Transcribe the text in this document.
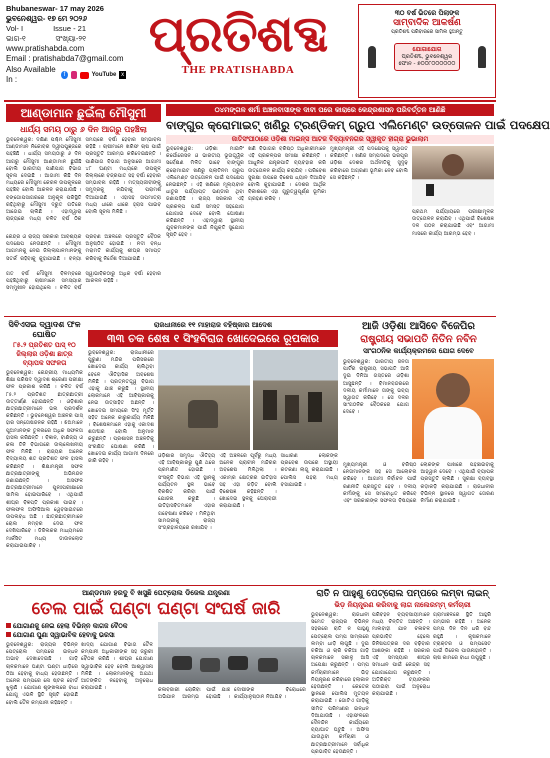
Bhubaneswar- 17 may 2026
ଭୁବନେଶ୍ୱର- ୧୭ ମେ ୨୦୨୬
Vol- I	Issue - 21
ଭାଗ-୧	ସଂଖ୍ୟା-୨୧
www.pratishabda.com
Email : pratishabda7@gmail.com
Also Available In :	f	YouTube x
ପ୍ରତିଶବ୍ଦ
THE PRATISHABDA
୩୦ ବର୍ଷ ଭିତରେ ପିଲାଙ୍କ
ସାମ୍ବାଦିକ ଆକର୍ଷଣ
ପ୍ରତିଶବ୍ଦ ପରିବାରରେ ସାମିଲ ହୁଅନ୍ତୁ
ଯୋଗାଯୋଗ
ପ୍ରତିଶବ୍ଦ, ଭୁବନେଶ୍ୱର
ଫୋନ - ୭୦୦୮୦୦୦୦୦୦
ଆଣ୍ଡାମାନ ଛୁଇଁଲା ମୌସୁମୀ
ଧାର୍ଯ୍ୟ ସମୟ ଠାରୁ ୬ ଦିନ ଆଗରୁ ପହଞ୍ଚିଲା
ଭୁବନେଶ୍ୱର: ଦକ୍ଷିଣ ପଶ୍ଚିମ ମୌସୁମୀ ଆଣ୍ଡାମାନ ନିକୋବର ଦ୍ୱୀପପୁଞ୍ଜରେ ପହଞ୍ଚିଛି । ଧାର୍ଯ୍ୟ ସମୟଠାରୁ ୬ ଦିନ ଆଗରୁ ମୌସୁମୀ ଆଣ୍ଡାମାନ ଛୁଇଁଛି ବୋଲି ଭାରତୀୟ ପାଣିପାଗ ବିଭାଗ ସୂଚନା ଦେଇଛି । ଆଗାମୀ କିଛି ଦିନ ମଧ୍ୟରେ ମୌସୁମୀ କେରଳ ଉପକୂଳରେ ପହଞ୍ଚିବ ବୋଲି ଆକଳନ କରାଯାଉଛି । ବଙ୍ଗୋପସାଗରରେ ଅନୁକୂଳ ପରିସ୍ଥିତି ରହିଥିବାରୁ ମୌସୁମୀ ଦ୍ରୁତ ଗତିରେ ଆଗେଇ ଚାଲିଛି । ଏହାଦ୍ୱାରା ରାଜ୍ୟରେ ମଧ୍ୟ ଚଳିତ ବର୍ଷ ଠିକ ସମୟରେ ବର୍ଷା ହେବାର ସମ୍ଭାବନା ରହିଛି । ଚାଷୀମାନେ ଖରିଫ ଚାଷ ପାଇଁ ପ୍ରସ୍ତୁତି ଆରମ୍ଭ କରିଦେଇଛନ୍ତି । ପାଣିପାଗ ବିଭାଗ ଅନୁସାରେ ଆଗାମୀ ୪୮ ଘଣ୍ଟା ମଧ୍ୟରେ ଉପକୂଳ ଜିଲ୍ଲାରେ ବଜ୍ରପାତ ସହ ବର୍ଷା ହେବାର ସମ୍ଭାବନା ରହିଛି । ମତ୍ସ୍ୟଜୀବୀଙ୍କୁ ସମୁଦ୍ରକୁ ନଯିବାକୁ ପରାମର୍ଶ ଦିଆଯାଇଛି । ଏହାସହ ତାପମାତ୍ରା ମଧ୍ୟ ଧୀରେ ଧୀରେ ହ୍ରାସ ପାଇବ ବୋଲି ସୂଚନା ମିଳିଛି ।
କେନ୍ଦ୍ର ଓ ରାଜ୍ୟ ସରକାର ଆବଶ୍ୟକ ପଦକ୍ଷେପ ନେଉଛନ୍ତି । ମୌସୁମୀ ଆଗମନକୁ ନେଇ ଜିଲ୍ଲାପାଳମାନଙ୍କୁ ସତର୍କ ରହିବାକୁ କୁହାଯାଇଛି । ବନ୍ୟା ପ୍ରବଣ ଅଞ୍ଚଳରେ ପ୍ରସ୍ତୁତି ବୈଠକ ଅନୁଷ୍ଠିତ ହୋଇଛି । ନଦୀ ବନ୍ଧ ମରାମତି କାର୍ଯ୍ୟକୁ ଶୀଘ୍ର ସମାପ୍ତ କରିବାକୁ ନିର୍ଦ୍ଦେଶ ଦିଆଯାଇଛି ।
ଗତ ବର୍ଷ ମୌସୁମୀ ବିଳମ୍ବରେ ପହଞ୍ଚିଥିବାରୁ ଚାଷୀମାନେ ସମସ୍ୟାର ସମ୍ମୁଖୀନ ହୋଇଥିଲେ । ଚଳିତ ବର୍ଷ ସ୍ୱାଭାବିକଠାରୁ ଅଧିକ ବର୍ଷା ହେବାର ଆକଳନ ରହିଛି ।
୦୪ମଙ୍ଗଳ ଶର୍ମା ଅଞ୍ଚଳବାସୀଙ୍କ ଦାବୀ ପରେ କାରାରେ କେନ୍ଦ୍ରଶାସନ ପରିବର୍ତ୍ତନ ଆଣିଛି
ବାଙ୍ଗୁର କ୍ରୋମାଇଟ୍ ଖଣିରୁ ଟ୍ରଣ୍ଡିକମ୍ ଗ୍ରୁପ ଏଲିମେଣ୍ଟ ଉତ୍ତୋଳନ ପାଇଁ ପଦକ୍ଷେପ
ଜାତିସଂଘୀଠାରେ ଓଡ଼ିଶା ମାଇନ୍ସ ଆଟଜ ବିଦ୍ୟାବନଗର ସ୍ୱୀକୃତ ହୀଗ୍ରା ଭୁଭାଲାମ
ଭୁବନେଶ୍ୱର: ଓଡ଼ିଶା ମାଇନିଂ କର୍ପୋରେସନ ଓ ଭାରତୀୟ ଭୂତାତ୍ତ୍ୱିକ ସର୍ବେକ୍ଷଣ ମିଳିତ ଭାବେ ବାଙ୍ଗୁର କ୍ରୋମାଇଟ ଖଣିରୁ ପ୍ଲାଟିନମ ଗ୍ରୁପ ଏଲିମେଣ୍ଟ ଉତ୍ତୋଳନ ପାଇଁ ପଦକ୍ଷେପ ନେଇଛନ୍ତି । ଏହି ଖଣିରେ ମୂଲ୍ୟବାନ ଧାତୁର ପର୍ଯ୍ୟାପ୍ତ ଭଣ୍ଡାର ଥିବା ଜଣାପଡ଼ିଛି । ରାଜ୍ୟ ସରକାର ଏହି ପ୍ରକଳ୍ପ ପାଇଁ ସମସ୍ତ ସହଯୋଗ ଯୋଗାଇ ଦେବେ ବୋଲି ଘୋଷଣା କରିଛନ୍ତି । ଏହାଦ୍ୱାରା ସ୍ଥାନୀୟ ଯୁବକମାନଙ୍କ ପାଇଁ ନିଯୁକ୍ତି ସୁଯୋଗ ସୃଷ୍ଟି ହେବ ।
ଖଣି ବିଭାଗର ବରିଷ୍ଠ ଅଧିକାରୀମାନେ ଏହି ପ୍ରକଳ୍ପର ସମୀକ୍ଷା କରିଛନ୍ତି । ଆଧୁନିକ ଯନ୍ତ୍ରପାତି ବ୍ୟବହାର କରି ଉତ୍ତୋଳନ କାର୍ଯ୍ୟ କରାଯିବ । ପରିବେଶ ସୁରକ୍ଷା ଉପରେ ବିଶେଷ ଧ୍ୟାନ ଦିଆଯିବ ବୋଲି କୁହାଯାଇଛି । ଦେଶର ଆର୍ଥିକ ବିକାଶରେ ଏହା ଗୁରୁତ୍ୱପୂର୍ଣ୍ଣ ଭୂମିକା ଗ୍ରହଣ କରିବ ।
ମୁଖ୍ୟମନ୍ତ୍ରୀ ଏହି ପଦକ୍ଷେପକୁ ସ୍ୱାଗତ କରିଛନ୍ତି । ଖଣିଜ ସମ୍ପଦରେ ଭରପୂର ଓଡ଼ିଶା ଦେଶର ଅର୍ଥନୀତିକୁ ସୁଦୃଢ଼ କରିବାରେ ଅଗ୍ରଣୀ ଭୂମିକା ନେବ ବୋଲି ସେ କହିଛନ୍ତି ।
ପ୍ରଥମ ପର୍ଯ୍ୟାୟରେ ପରୀକ୍ଷାମୂଳକ ଉତ୍ତୋଳନ କରାଯିବ । ଏଥିପାଇଁ ବିଶେଷଜ୍ଞ ଦଳ ଗଠନ କରାଯାଇଛି ଏବଂ ଆଗାମୀ ମାସରେ କାର୍ଯ୍ୟ ଆରମ୍ଭ ହେବ ।
ସିବିଏସଇ ଦ୍ୱାଦଶ ଫଳ ଘୋଷିତ
୮୫.୨ ପ୍ରତିଶତ ପାସ୍ ୧୦ ଜିଲ୍ଲାର ଓଡ଼ିଶା ଛାତ୍ର ବ୍ୟାପକ ସଫଳତା
ଭୁବନେଶ୍ୱର: କେନ୍ଦ୍ରୀୟ ମାଧ୍ୟମିକ ଶିକ୍ଷା ପରିଷଦ ଦ୍ୱାଦଶ ଶ୍ରେଣୀ ପରୀକ୍ଷା ଫଳ ପ୍ରକାଶ କରିଛି । ଚଳିତ ବର୍ଷ ୮୫.୨ ପ୍ରତିଶତ ଛାତ୍ରଛାତ୍ରୀ ଉତ୍ତୀର୍ଣ୍ଣ ହୋଇଛନ୍ତି । ଓଡ଼ିଶାର ଛାତ୍ରଛାତ୍ରୀମାନେ ଭଲ ପ୍ରଦର୍ଶନ କରିଛନ୍ତି । ଭୁବନେଶ୍ୱର ଅଞ୍ଚଳର ପାସ୍ ହାର ସନ୍ତୋଷଜନକ ରହିଛି । ଝିଅମାନେ ପୁଅମାନଙ୍କ ତୁଳନାରେ ଅଧିକ ସଫଳତା ହାସଲ କରିଛନ୍ତି । ବିଜ୍ଞାନ, ବାଣିଜ୍ୟ ଓ କଳା ତିନି ବିଭାଗରେ ଉଲ୍ଲେଖନୀୟ ଫଳ ମିଳିଛି । ରାଜ୍ୟର ଅନେକ ବିଦ୍ୟାଳୟ ଶତ ପ୍ରତିଶତ ଫଳ ହାସଲ କରିଛନ୍ତି । ଶିକ୍ଷାମନ୍ତ୍ରୀ ସଫଳ ଛାତ୍ରଛାତ୍ରୀଙ୍କୁ ଅଭିନନ୍ଦନ ଜଣାଇଛନ୍ତି । ଅସଫଳ ଛାତ୍ରଛାତ୍ରୀମାନେ ପୁନଃପରୀକ୍ଷାରେ ସାମିଲ ହୋଇପାରିବେ । ଏଥିପାଇଁ ଶୀଘ୍ର ବିଜ୍ଞପ୍ତି ପ୍ରକାଶ ପାଇବ । ଫଳାଫଳ ଅଫିସିଆଲ ୱେବସାଇଟରେ ଉପଲବ୍ଧ ଅଛି । ଛାତ୍ରଛାତ୍ରୀମାନେ ରୋଲ ନମ୍ବର ଦେଇ ଫଳ ଦେଖିପାରିବେ । ଡିଜିଲକର ମାଧ୍ୟମରେ ମାର୍କସିଟ ମଧ୍ୟ ଡାଉନଲୋଡ କରାଯାଇପାରିବ ।
ରାଜଧାନୀରେ ୧୧ ମାହାରାଜ ବହିଷ୍କାର ଆଦେଶ
୩୩ ଚକ ଶେଷ ୧ ସିଂହବିରାଜ ଖୋଦେଇରେ ରୂପକାର
ଭୁବନେଶ୍ୱର: ରାଜଧାନୀରେ ପୁରୁଣା ମନ୍ଦିର ପରିସରରେ ଖୋଦେଇ କାର୍ଯ୍ୟ ଚାଲିଥିବା ବେଳେ ଐତିହାସିକ ଅବଶେଷ ମିଳିଛି । ପ୍ରତ୍ନତତ୍ତ୍ୱ ବିଭାଗ ଏହାକୁ ଯାଞ୍ଚ କରୁଛି । ସ୍ଥାନୀୟ ଲୋକମାନେ ଏହି ଆବିଷ୍କାରକୁ ନେଇ ଉତ୍ସାହିତ ଅଛନ୍ତି । ଖୋଦେଇ ସମୟରେ ସିଂହ ମୂର୍ତ୍ତି ସହିତ ଅନେକ କାରୁକାର୍ଯ୍ୟ ମିଳିଛି । ବିଶେଷଜ୍ଞମାନେ ଏହାକୁ ଏକାଦଶ ଶତାବ୍ଦୀର ବୋଲି ଅନୁମାନ କରୁଛନ୍ତି । ପ୍ରଶାସନ ଅଞ୍ଚଳଟିକୁ ସଂରକ୍ଷିତ ଘୋଷଣା କରିଛି । ଖୋଦେଇ କାର୍ଯ୍ୟ ଆଗାମୀ ଦିନରେ ଜାରି ରହିବ ।
ଓଡ଼ିଶାର ସମୃଦ୍ଧ ଐତିହ୍ୟ ଏହି ଆବିଷ୍କାରରୁ ପୁଣି ଥରେ ପ୍ରମାଣିତ ହୋଇଛି । ସଂସ୍କୃତି ବିଭାଗ ଏହି ସ୍ଥାନକୁ ପର୍ଯ୍ୟଟନ ସ୍ଥଳ ଭାବେ ବିକଶିତ କରିବା ପାଇଁ ଯୋଜନା କରୁଛି । ଇତିହାସବିତମାନେ ଏହାର ଗବେଷଣା କରିବେ । ମିଳିଥିବା ସାମଗ୍ରୀକୁ ରାଜ୍ୟ ସଂଗ୍ରହାଳୟରେ ରଖାଯିବ ।
ଏହି ଅଞ୍ଚଳରେ ପୂର୍ବରୁ ମଧ୍ୟ ଅନେକ ପ୍ରାଚୀନ ମନ୍ଦିରର ଅବଶେଷ ମିଳିଥିଲା । ଏକାମ୍ର କ୍ଷେତ୍ରର ଇତିହାସ ସହ ଏହା ଜଡ଼ିତ ବୋଲି ବିଶେଷଜ୍ଞ କହିଛନ୍ତି । ଖୋଦେଇ ସ୍ଥଳକୁ ଘେରାବନ୍ଦୀ କରାଯାଇଛି ।
ସାଧାରଣ ଲୋକଙ୍କ ପ୍ରବେଶ ଉପରେ ଅସ୍ଥାୟୀ କଟକଣା ଲାଗୁ କରାଯାଇଛି । ପୋଲିସ ପହରା ମଧ୍ୟ ବସାଯାଇଛି ।
ଆଜି ଓଡ଼ିଶା ଆସିବେ ବିଜେପିର
ରାଷ୍ଟ୍ରୀୟ ସଭାପତି ନିତିନ ନବିନ
ସାଂଗଠନିକ କାର୍ଯ୍ୟକ୍ରମରେ ଯୋଗ ଦେବେ
ଭୁବନେଶ୍ୱର: ଭାରତୀୟ ଜନତା ପାର୍ଟିର ରାଷ୍ଟ୍ରୀୟ ସଭାପତି ଆଜି ଦୁଇ ଦିନିଆ ଗସ୍ତରେ ଓଡ଼ିଶା ଆସୁଛନ୍ତି । ବିମାନବନ୍ଦରରେ ଦଳୀୟ କର୍ମୀମାନେ ତାଙ୍କୁ ଭବ୍ୟ ସ୍ୱାଗତ କରିବେ । ସେ ଦଳର ସାଂଗଠନିକ ବୈଠକରେ ଯୋଗ ଦେବେ ।
ମୁଖ୍ୟମନ୍ତ୍ରୀ ଓ ବରିଷ୍ଠ ନେତାମାନଙ୍କ ସହ ସେ ଆଲୋଚନା କରିବେ । ଆଗାମୀ ନିର୍ବାଚନ ପାଇଁ ରଣନୀତି ପ୍ରସ୍ତୁତ ହେବ । ଦଳୀୟ କର୍ମୀଙ୍କୁ ସେ ସମ୍ବୋଧିତ କରିବେ ଏବଂ ସରକାରଙ୍କ ସଫଳତା ବିଷୟରେ ଲୋକଙ୍କ ପାଖରେ ପହଞ୍ଚାଇବାକୁ ଆହ୍ୱାନ ଦେବେ । ଏଥିପାଇଁ ବ୍ୟାପକ ପ୍ରସ୍ତୁତି ଚାଲିଛି । ସୁରକ୍ଷା ବ୍ୟବସ୍ଥା କଡ଼ାକଡ଼ି କରାଯାଇଛି । ରାଜଧାନୀର ବିଭିନ୍ନ ସ୍ଥାନରେ ସ୍ୱାଗତ ତୋରଣ ନିର୍ମାଣ କରାଯାଇଛି ।
ଆଣ୍ଡମାନ ହରଦୁ ବି ଖସୁଛି ପେଟ୍ରୋଲ ଡିଜେଲ ଯନ୍ତ୍ରଣା
ତେଲ ପାଇଁ ଘଣ୍ଟା ଘଣ୍ଟା ସଂଘର୍ଷ ଜାରି
ଯୋଗାଣକୁ ନେଇ ହେଲା ବିଭିନ୍ନ କାଗଜ ବୈଠକ
ଯୋଗାଣ ପୁଣା ସ୍ୱାଭାବିକ ହେବାକୁ ଭରସା
ଭୁବନେଶ୍ୱର: ରାଜ୍ୟର ବିଭିନ୍ନ ପେଟ୍ରୋଲ ପମ୍ପରେ ଇନ୍ଧନ ଅଭାବ ଦେଖାଦେଇଛି । ଗାଡ଼ି ଚାଳକମାନେ ଘଣ୍ଟା ଘଣ୍ଟା ଧାଡ଼ିରେ ଠିଆ ହେବାକୁ ବାଧ୍ୟ ହେଉଛନ୍ତି । ଅନେକ ପମ୍ପରେ ନୋ ଷ୍ଟକ ବୋର୍ଡ ଝୁଲୁଛି । ଯୋଗାଣ ଶୃଙ୍ଖଳାରେ ବାଧା ଯୋଗୁ ଏଭଳି ସ୍ଥିତି ସୃଷ୍ଟି ହୋଇଛି ବୋଲି ତୈଳ କମ୍ପାନୀ କହିଛନ୍ତି ।
ଖାଦ୍ୟ ଯୋଗାଣ ବିଭାଗ ତୈଳ କମ୍ପାନୀ ଅଧିକାରୀଙ୍କ ସହ ଜରୁରୀ ବୈଠକ କରିଛି । ଶୀଘ୍ର ଯୋଗାଣ ସ୍ୱାଭାବିକ ହେବ ବୋଲି ଆଶ୍ୱାସନା ମିଳିଛି । ଲୋକମାନଙ୍କୁ ଅଯଥା ଆତଙ୍କିତ ନହେବାକୁ ଅନୁରୋଧ କରାଯାଇଛି ।	କଳାବଜାରୀ ରୋକିବା ପାଇଁ ଯାଞ୍ଚ ଅଭିଯାନ ଆରମ୍ଭ ହୋଇଛି । ଦୋଷୀଙ୍କ ବିରୋଧରେ କାର୍ଯ୍ୟାନୁଷ୍ଠାନ ନିଆଯିବ ।
ରାତି ନ ପାହୁଣୁ ପେଟ୍ରୋଲ ପମ୍ପରେ ଲମ୍ବା ଲାଇନ୍
ଭିଡ଼ ନିୟନ୍ତ୍ରଣ କରିବାକୁ ଲାଗ ନାଲେରମ୍ମ୍ କର୍ମଚାରୀ
ଭୁବନେଶ୍ୱର: ରାଜଧାନୀ ସମେତ ରାଜ୍ୟର ବିଭିନ୍ନ ସହରରେ ରାତି ନ ପାହୁଣୁ ପେଟ୍ରୋଲ ପମ୍ପ ସାମ୍ନାରେ ଲମ୍ବା ଧାଡ଼ି ଲାଗୁଛି । ଦୁଇ ଚକିଆ ଓ ଚାରି ଚକିଆ ଗାଡ଼ି ଚାଳକମାନେ ସକାଳୁ ଆସି ଅପେକ୍ଷା କରୁଛନ୍ତି । ପମ୍ପ କର୍ମଚାରୀମାନେ ଭିଡ଼ ନିୟନ୍ତ୍ରଣ କରିବାରେ ହଲାକାନ ହେଉଛନ୍ତି । କେତେକ ସ୍ଥାନରେ ପୋଲିସ ମୁତୟନ କରାଯାଇଛି । ଗୋଟିଏ ଗାଡ଼ିକୁ ସୀମିତ ପରିମାଣର ଇନ୍ଧନ ଦିଆଯାଉଛି । ଏହାଫଳରେ ଦୈନନ୍ଦିନ କାର୍ଯ୍ୟରେ ବ୍ୟାଘାତ ଘଟୁଛି । ଅଫିସ ଯାଉଥିବା କର୍ମଚାରୀ ଓ ଛାତ୍ରଛାତ୍ରୀମାନେ ସର୍ବାଧିକ ପ୍ରଭାବିତ ହେଉଛନ୍ତି ।
ପରିବହନ ବ୍ୟବସାୟୀମାନେ ମଧ୍ୟ ଚିନ୍ତିତ ଅଛନ୍ତି । ମାଲବାହୀ ଯାନ ଚଳାଚଳ ପ୍ରଭାବିତ ହେଲେ ଜିନିଷପତ୍ରର ଦର ବଢ଼ିବାର ଆଶଙ୍କା ରହିଛି । ସରକାର ଏହି ସମସ୍ୟାର ଶୀଘ୍ର ସମାଧାନ ପାଇଁ କେନ୍ଦ୍ର ସହ ଯୋଗାଯୋଗ କରୁଛନ୍ତି । ଅତିରିକ୍ତ ଟ୍ୟାଙ୍କର ପଠାଇବା ପାଇଁ ଅନୁରୋଧ କରାଯାଇଛି ।
ଗ୍ରାମାଞ୍ଚଳରେ ସ୍ଥିତି ଆହୁରି ଗମ୍ଭୀର ରହିଛି । ଅନେକ ପମ୍ପ ଦିନ ଦିନ ଧରି ବନ୍ଦ ରହୁଛି । କୃଷକମାନେ ଟ୍ରାକ୍ଟର ଓ ପମ୍ପସେଟ ପାଇଁ ଡିଜେଲ ପାଉନାହାନ୍ତି । ଚାଷ କାମରେ ବାଧା ଉପୁଜୁଛି ।
